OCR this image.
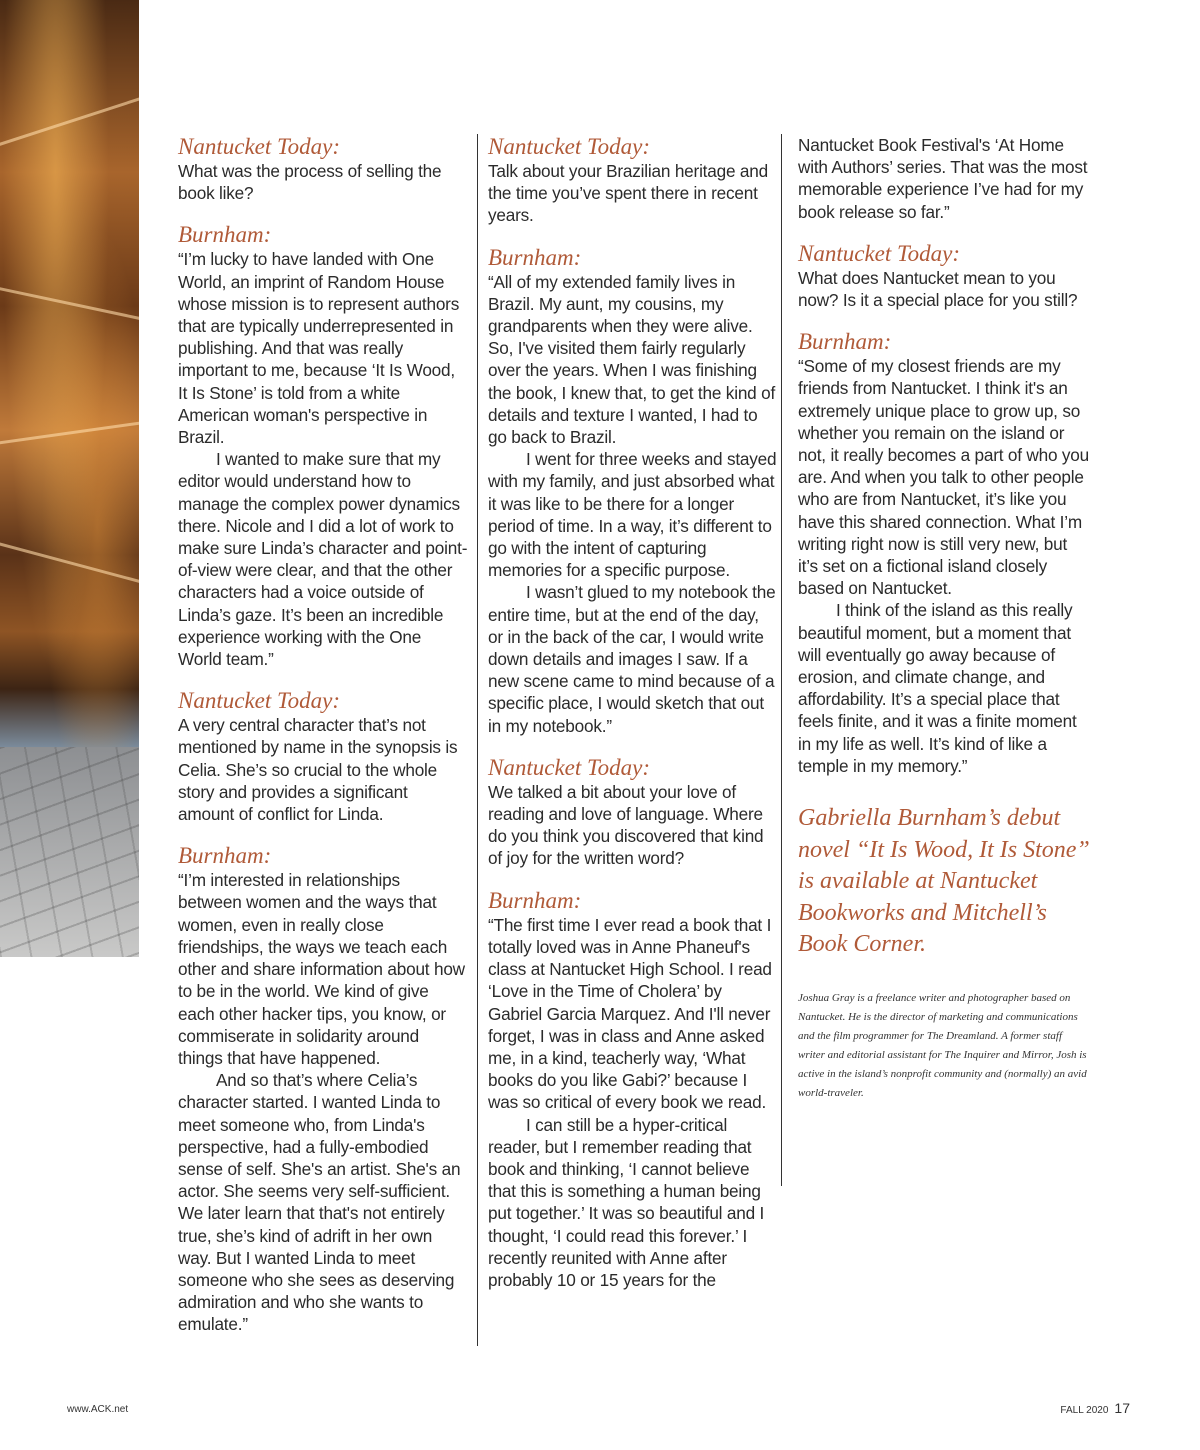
Nantucket Today:

What was the process of selling the book like?

Burnham:

“I’m lucky to have landed with One World, an imprint of Random House whose mission is to represent authors that are typically underrepresented in publishing. And that was really important to me, because ‘It Is Wood, It Is Stone’ is told from a white American woman's perspective in Brazil.

I wanted to make sure that my editor would understand how to manage the complex power dynamics there. Nicole and I did a lot of work to make sure Linda’s character and point-of-view were clear, and that the other characters had a voice outside of Linda’s gaze. It’s been an incredible experience working with the One World team.”

Nantucket Today:

A very central character that’s not mentioned by name in the synopsis is Celia. She’s so crucial to the whole story and provides a significant amount of conflict for Linda.

Burnham:

“I’m interested in relationships between women and the ways that women, even in really close friendships, the ways we teach each other and share information about how to be in the world. We kind of give each other hacker tips, you know, or commiserate in solidarity around things that have happened.

And so that’s where Celia’s character started. I wanted Linda to meet someone who, from Linda's perspective, had a fully-embodied sense of self. She's an artist. She's an actor. She seems very self-sufficient. We later learn that that's not entirely true, she’s kind of adrift in her own way. But I wanted Linda to meet someone who she sees as deserving admiration and who she wants to emulate.”

Nantucket Today:

Talk about your Brazilian heritage and the time you’ve spent there in recent years.

Burnham:

“All of my extended family lives in Brazil. My aunt, my cousins, my grandparents when they were alive. So, I've visited them fairly regularly over the years. When I was finishing the book, I knew that, to get the kind of details and texture I wanted, I had to go back to Brazil.

I went for three weeks and stayed with my family, and just absorbed what it was like to be there for a longer period of time. In a way, it’s different to go with the intent of capturing memories for a specific purpose.

I wasn’t glued to my notebook the entire time, but at the end of the day, or in the back of the car, I would write down details and images I saw. If a new scene came to mind because of a specific place, I would sketch that out in my notebook.”

Nantucket Today:

We talked a bit about your love of reading and love of language. Where do you think you discovered that kind of joy for the written word?

Burnham:

“The first time I ever read a book that I totally loved was in Anne Phaneuf's class at Nantucket High School. I read ‘Love in the Time of Cholera’ by Gabriel Garcia Marquez. And I'll never forget, I was in class and Anne asked me, in a kind, teacherly way, ‘What books do you like Gabi?’ because I was so critical of every book we read.

I can still be a hyper-critical reader, but I remember reading that book and thinking, ‘I cannot believe that this is something a human being put together.’ It was so beautiful and I thought, ‘I could read this forever.’ I recently reunited with Anne after probably 10 or 15 years for the

Nantucket Book Festival's ‘At Home with Authors’ series. That was the most memorable experience I’ve had for my book release so far.”

Nantucket Today:

What does Nantucket mean to you now? Is it a special place for you still?

Burnham:

“Some of my closest friends are my friends from Nantucket. I think it's an extremely unique place to grow up, so whether you remain on the island or not, it really becomes a part of who you are. And when you talk to other people who are from Nantucket, it’s like you have this shared connection. What I’m writing right now is still very new, but it’s set on a fictional island closely based on Nantucket.

I think of the island as this really beautiful moment, but a moment that will eventually go away because of erosion, and climate change, and affordability. It’s a special place that feels finite, and it was a finite moment in my life as well. It’s kind of like a temple in my memory.”

Gabriella Burnham’s debut novel “It Is Wood, It Is Stone” is available at Nantucket Bookworks and Mitchell’s Book Corner.
Joshua Gray is a freelance writer and photographer based on Nantucket. He is the director of marketing and communications and the film programmer for The Dreamland. A former staff writer and editorial assistant for The Inquirer and Mirror, Josh is active in the island’s nonprofit community and (normally) an avid world-traveler.
www.ACK.net	FALL 2020 17
